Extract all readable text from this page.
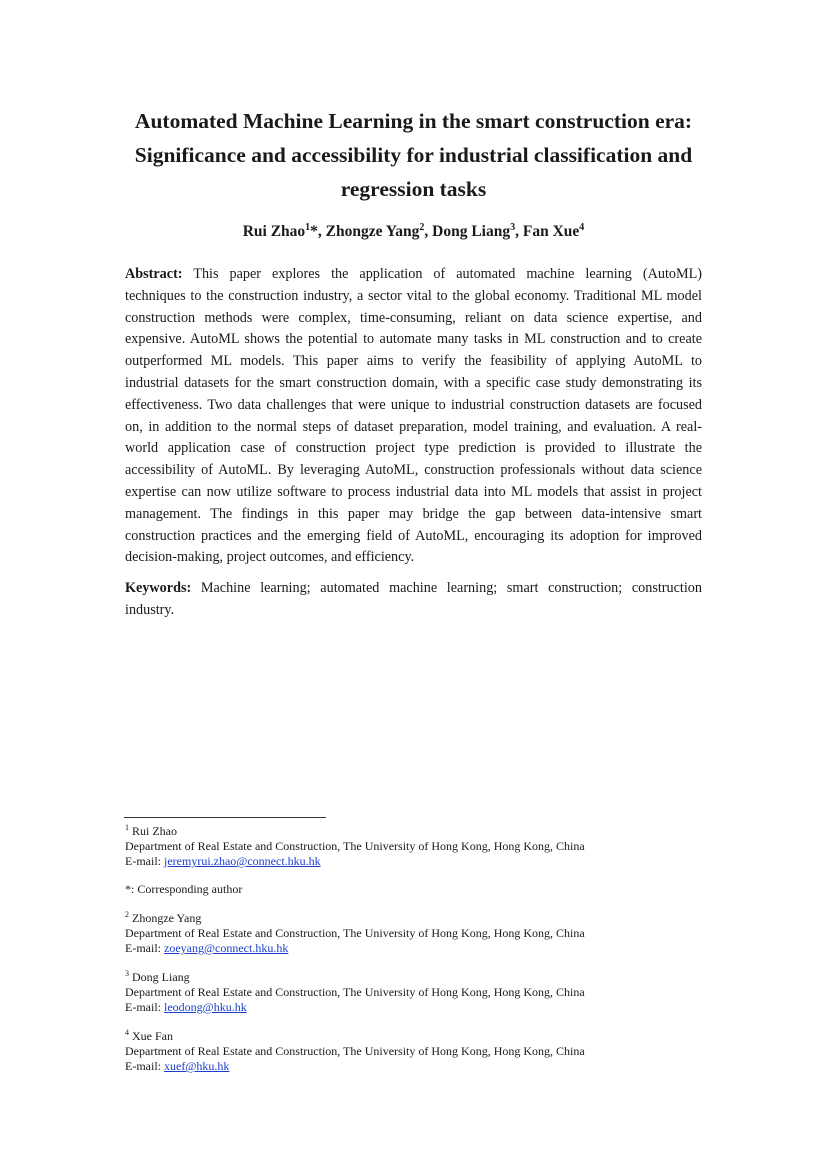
Automated Machine Learning in the smart construction era:
Significance and accessibility for industrial classification and
regression tasks

Rui Zhao$^1$*, Zhongze Yang$^2$, Dong Liang$^3$, Fan Xue$^4$

Abstract: This paper explores the application of automated machine learning (AutoML)
techniques to the construction industry, a sector vital to the global economy. Traditional ML model
construction methods were complex, time-consuming, reliant on data science expertise, and
expensive. AutoML shows the potential to automate many tasks in ML construction and to create
outperformed ML models. This paper aims to verify the feasibility of applying AutoML to
industrial datasets for the smart construction domain, with a specific case study demonstrating its
effectiveness. Two data challenges that were unique to industrial construction datasets are focused
on, in addition to the normal steps of dataset preparation, model training, and evaluation. A real-
world application case of construction project type prediction is provided to illustrate the
accessibility of AutoML. By leveraging AutoML, construction professionals without data science
expertise can now utilize software to process industrial data into ML models that assist in project
management. The findings in this paper may bridge the gap between data-intensive smart
construction practices and the emerging field of AutoML, encouraging its adoption for improved
decision-making, project outcomes, and efficiency.
Keywords: Machine learning; automated machine learning; smart construction; construction
industry.
$^1$ Rui Zhao
Department of Real Estate and Construction, The University of Hong Kong, Hong Kong, China
E-mail: jeremyrui.zhao@connect.hku.hk
*: Corresponding author
$^2$ Zhongze Yang
Department of Real Estate and Construction, The University of Hong Kong, Hong Kong, China
E-mail: zoeyang@connect.hku.hk
$^3$ Dong Liang
Department of Real Estate and Construction, The University of Hong Kong, Hong Kong, China
E-mail: leodong@hku.hk
$^4$ Xue Fan
Department of Real Estate and Construction, The University of Hong Kong, Hong Kong, China
E-mail: xuef@hku.hk
